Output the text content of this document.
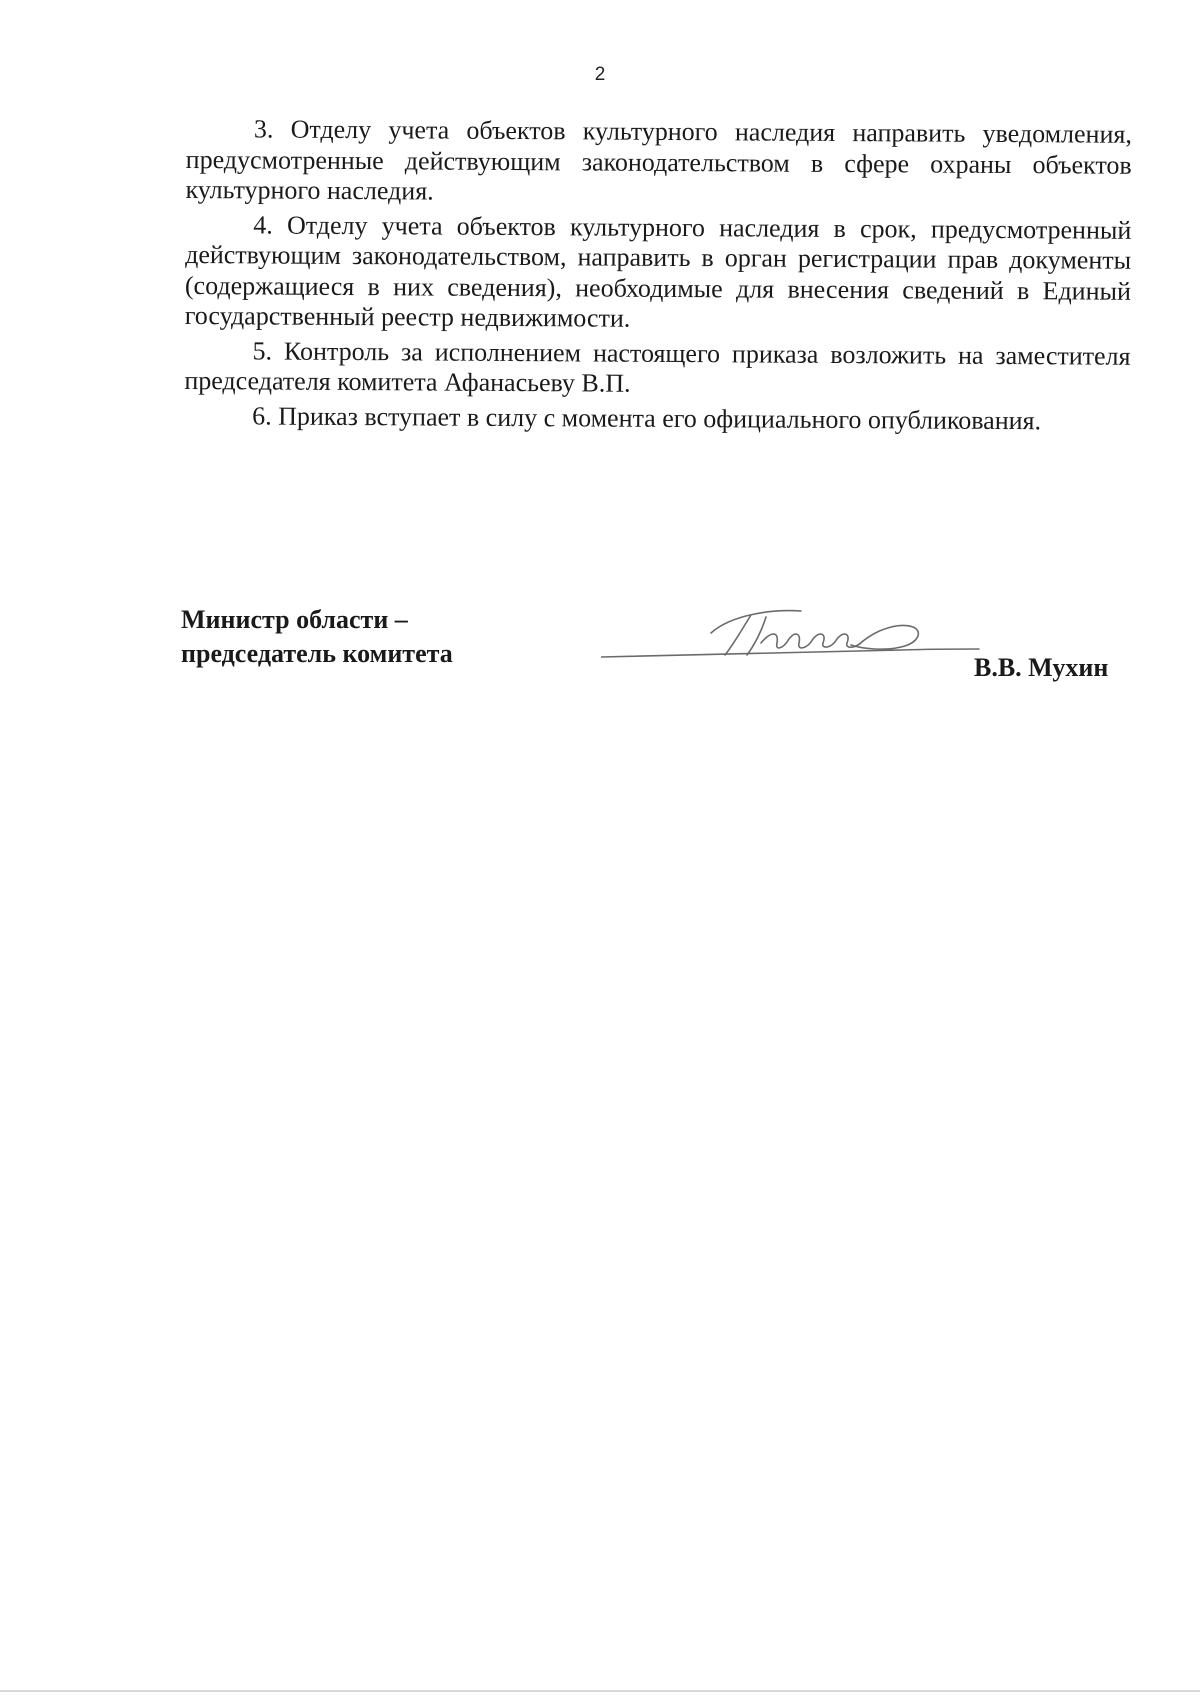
2

3. Отделу учета объектов культурного наследия направить уведомления, предусмотренные действующим законодательством в сфере охраны объектов культурного наследия.

4. Отделу учета объектов культурного наследия в срок, предусмотренный действующим законодательством, направить в орган регистрации прав документы (содержащиеся в них сведения), необходимые для внесения сведений в Единый государственный реестр недвижимости.

5. Контроль за исполнением настоящего приказа возложить на заместителя председателя комитета Афанасьеву В.П.

6. Приказ вступает в силу с момента его официального опубликования.

Министр области –
председатель комитета	В.В. Мухин
